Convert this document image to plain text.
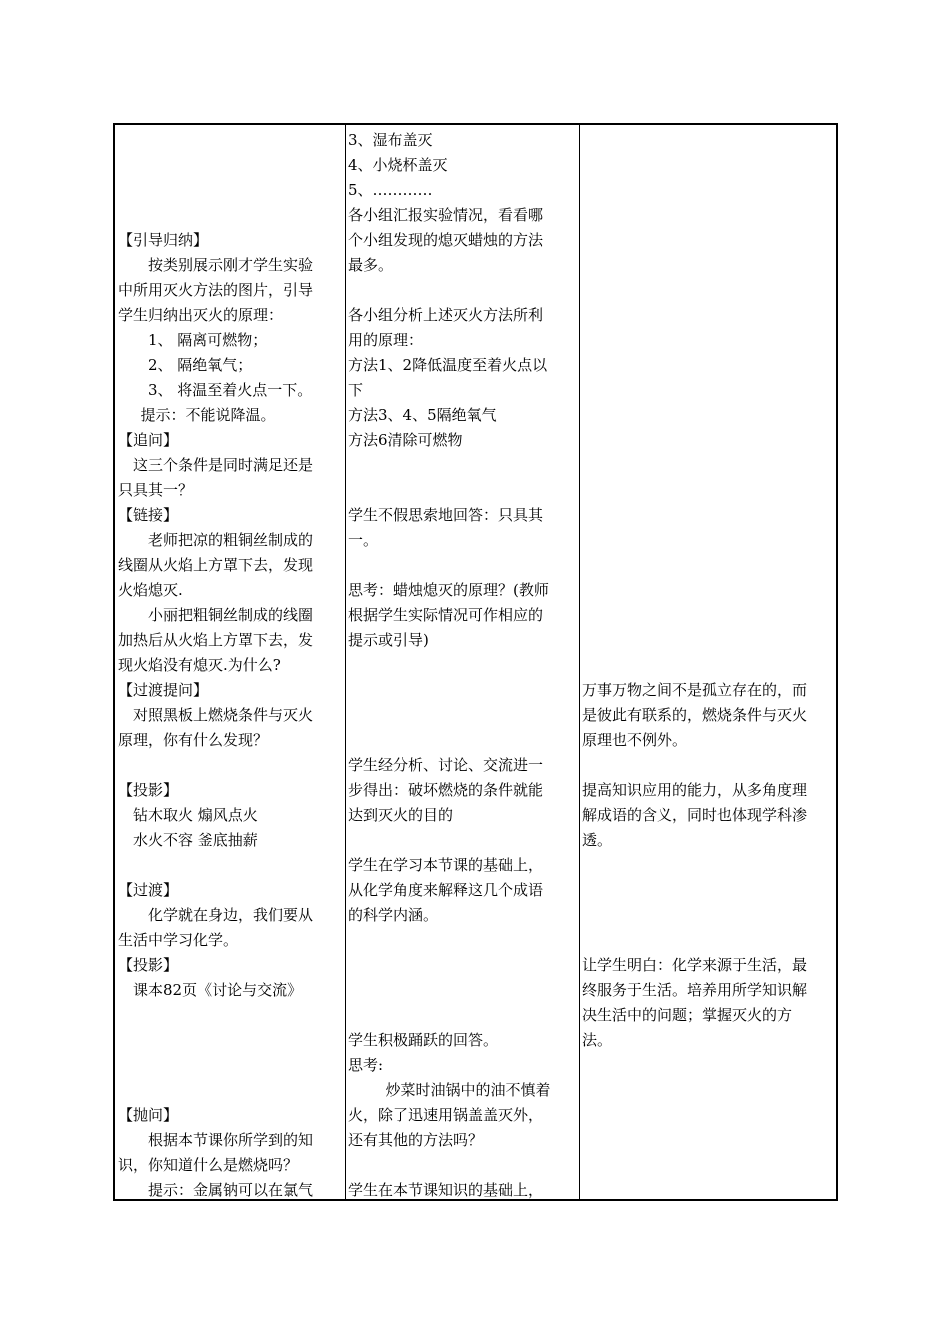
【引导归纳】
按类别展示刚才学生实验
中所用灭火方法的图片，引导
学生归纳出灭火的原理：
1、 隔离可燃物；
2、 隔绝氧气；
3、 将温至着火点一下。
提示：不能说降温。
【追问】
这三个条件是同时满足还是
只具其一？
【链接】
老师把凉的粗铜丝制成的
线圈从火焰上方罩下去，发现
火焰熄灭.
小丽把粗铜丝制成的线圈
加热后从火焰上方罩下去，发
现火焰没有熄灭.为什么?
【过渡提问】
对照黑板上燃烧条件与灭火
原理，你有什么发现？
【投影】
钻木取火 煽风点火
水火不容 釜底抽薪
【过渡】
化学就在身边，我们要从
生活中学习化学。
【投影】
课本82页《讨论与交流》
【抛问】
根据本节课你所学到的知
识，你知道什么是燃烧吗？
提示：金属钠可以在氯气
3、湿布盖灭
4、小烧杯盖灭
5、…………
各小组汇报实验情况，看看哪
个小组发现的熄灭蜡烛的方法
最多。
各小组分析上述灭火方法所利
用的原理：
方法1、2降低温度至着火点以
下
方法3、4、5隔绝氧气
方法6清除可燃物
学生不假思索地回答：只具其
一。
思考：蜡烛熄灭的原理？(教师
根据学生实际情况可作相应的
提示或引导)
学生经分析、讨论、交流进一
步得出：破坏燃烧的条件就能
达到灭火的目的
学生在学习本节课的基础上，
从化学角度来解释这几个成语
的科学内涵。
学生积极踊跃的回答。
思考:
炒菜时油锅中的油不慎着
火，除了迅速用锅盖盖灭外，
还有其他的方法吗？
学生在本节课知识的基础上，
万事万物之间不是孤立存在的，而
是彼此有联系的，燃烧条件与灭火
原理也不例外。
提高知识应用的能力，从多角度理
解成语的含义，同时也体现学科渗
透。
让学生明白：化学来源于生活，最
终服务于生活。培养用所学知识解
决生活中的问题；掌握灭火的方
法。
